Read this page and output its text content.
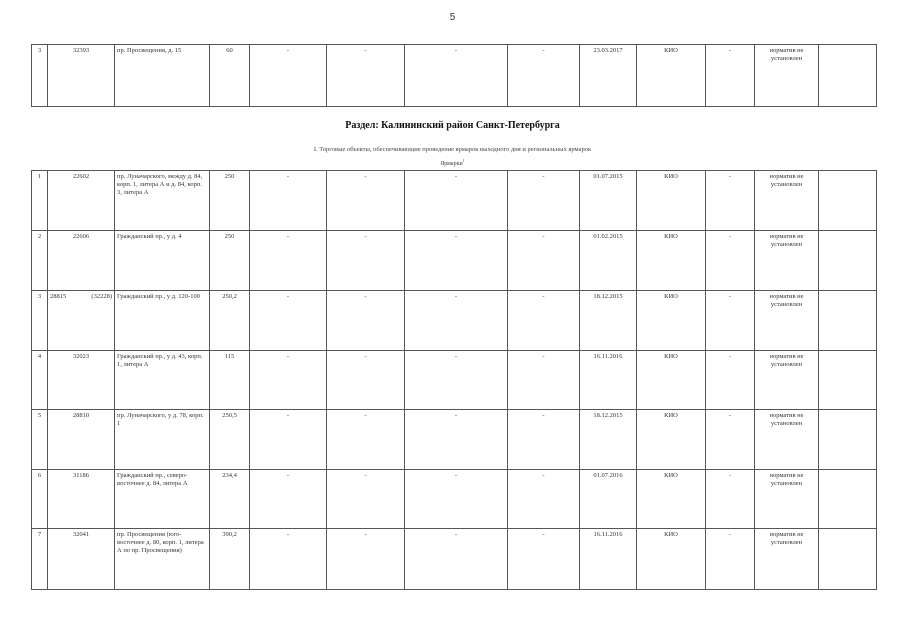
5
3	32393	пр. Просвещения, д. 15	60	-	-	-	-	23.03.2017	КИО	-	норматив не установлен	
Раздел: Калининский район Санкт-Петербурга
I. Торговые объекты, обеспечивающие проведение ярмарок выходного дня и региональных ярмарок
Ярмарки$^1$
1	22602	пр. Луначарского, между д. 84, корп. 1, литера А и д. 84, корп. 3, литера А	250	-	-	-	-	01.07.2015	КИО	-	норматив не установлен	
2	22606	Гражданский пр., у д. 4	250	-	-	-	-	01.02.2015	КИО	-	норматив не установлен	
3	28815 (32228)	Гражданский пр., у д. 120-100	250,2	-	-	-	-	18.12.2015	КИО	-	норматив не установлен	
4	32023	Гражданский пр., у д. 43, корп. 1, литера А	115	-	-	-	-	16.11.2016	КИО	-	норматив не установлен	
5	28810	пр. Луначарского, у д. 78, корп. 1	250,5	-	-	-	-	18.12.2015	КИО	-	норматив не установлен	
6	31186	Гражданский пр., северо-восточнее д. 84, литера А	234,4	-	-	-	-	01.07.2016	КИО	-	норматив не установлен	
7	32041	пр. Просвещения (юго-восточнее д. 80, корп. 1, литера А по пр. Просвещения)	390,2	-	-	-	-	16.11.2016	КИО	-	норматив не установлен	
